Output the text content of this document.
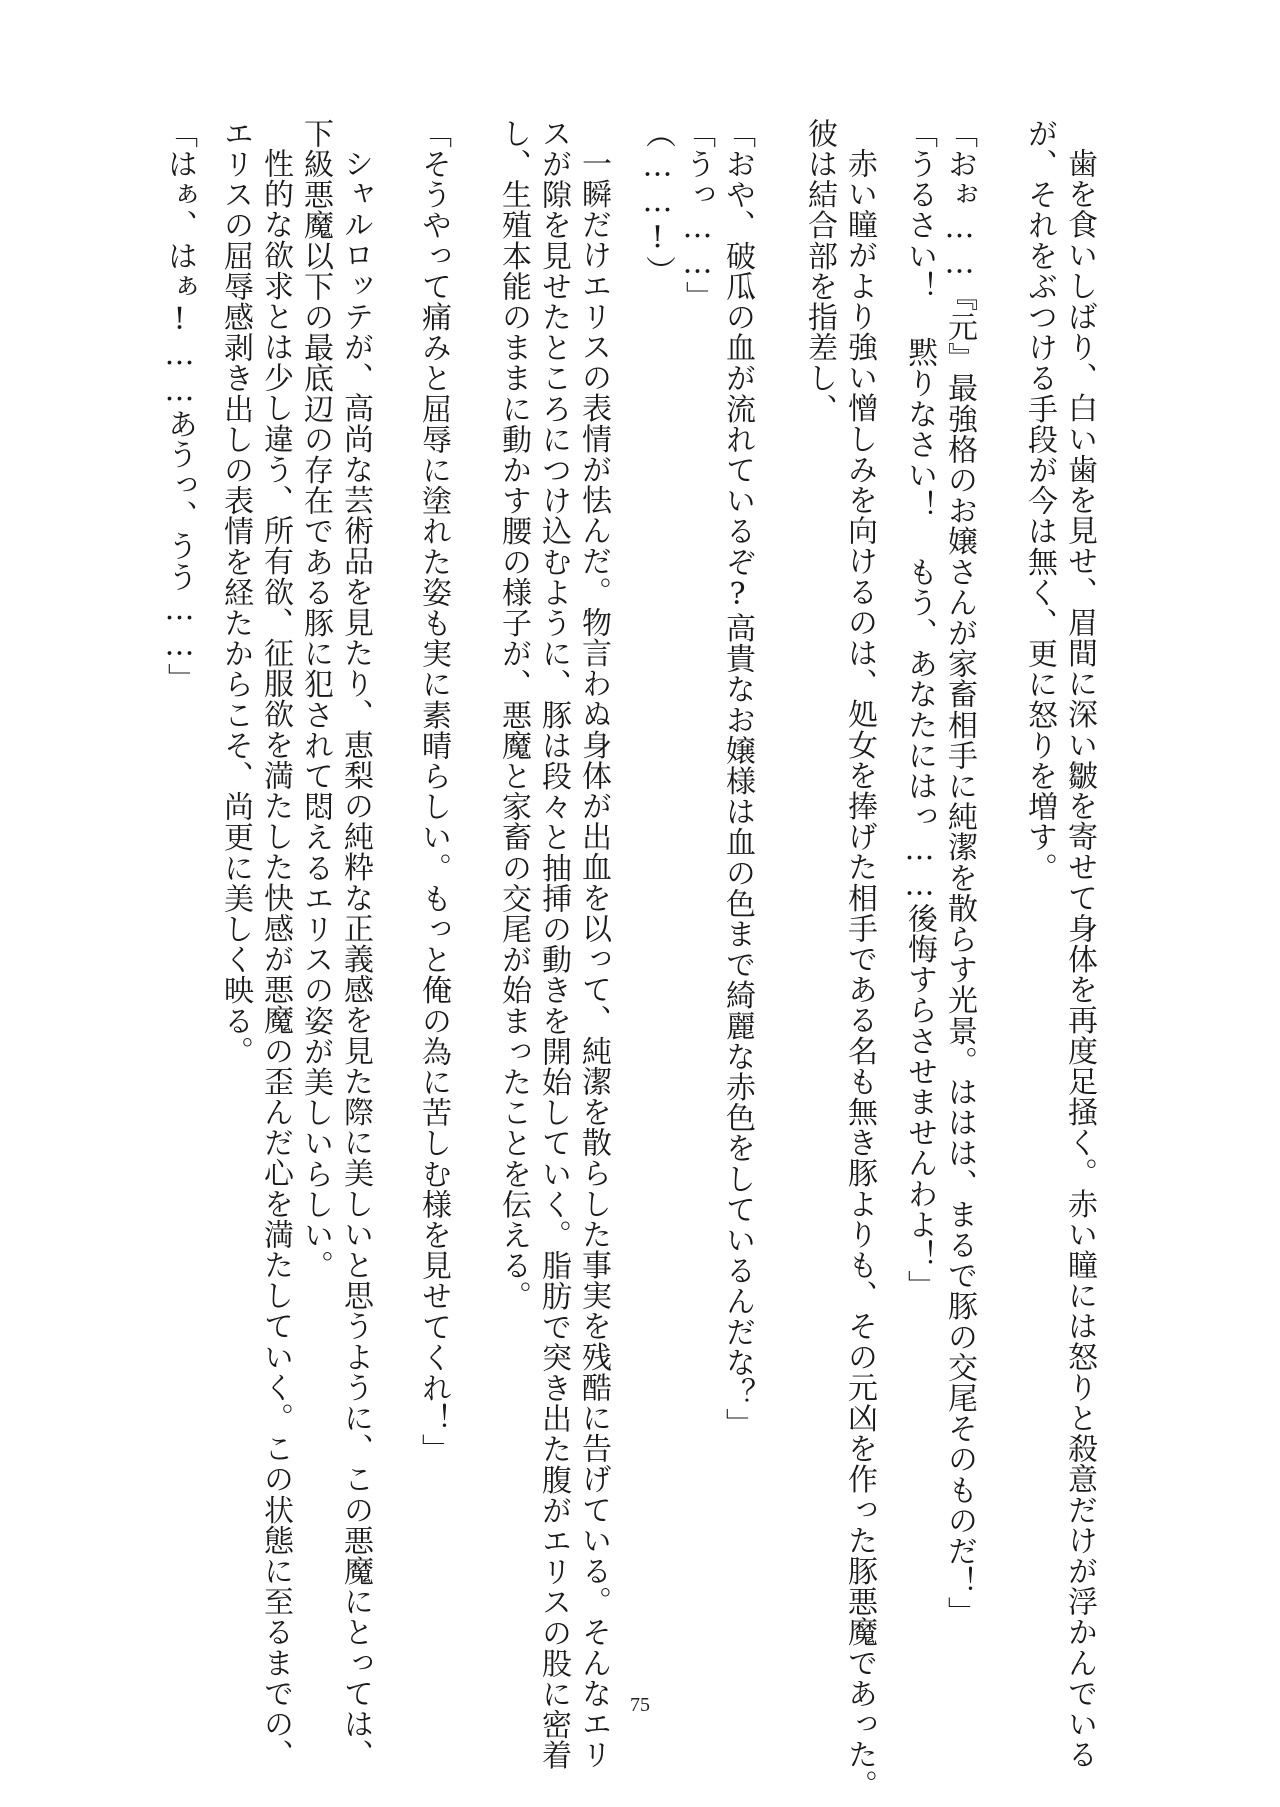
歯を食いしばり、白い歯を見せ、眉間に深い皺を寄せて身体を再度足掻く。赤い瞳には怒りと殺意だけが浮かんでいる
が、それをぶつける手段が今は無く、更に怒りを増す。
「おぉ……『元』最強格のお嬢さんが家畜相手に純潔を散らす光景。ははは、まるで豚の交尾そのものだ！」
「うるさい！ 黙りなさい！ もう、あなたにはっ……後悔すらさせませんわよ！」
赤い瞳がより強い憎しみを向けるのは、処女を捧げた相手である名も無き豚よりも、その元凶を作った豚悪魔であった。
彼は結合部を指差し、
「おや、破瓜の血が流れているぞ?高貴なお嬢様は血の色まで綺麗な赤色をしているんだな？」
「うっ……」
（……!）
一瞬だけエリスの表情が怯んだ。物言わぬ身体が出血を以って、純潔を散らした事実を残酷に告げている。そんなエリ
スが隙を見せたところにつけ込むように、豚は段々と抽挿の動きを開始していく。脂肪で突き出た腹がエリスの股に密着
し、生殖本能のままに動かす腰の様子が、悪魔と家畜の交尾が始まったことを伝える。
「そうやって痛みと屈辱に塗れた姿も実に素晴らしい。もっと俺の為に苦しむ様を見せてくれ！」
シャルロッテが、高尚な芸術品を見たり、恵梨の純粋な正義感を見た際に美しいと思うように、この悪魔にとっては、
下級悪魔以下の最底辺の存在である豚に犯されて悶えるエリスの姿が美しいらしい。
性的な欲求とは少し違う、所有欲、征服欲を満たした快感が悪魔の歪んだ心を満たしていく。この状態に至るまでの、
エリスの屈辱感剥き出しの表情を経たからこそ、尚更に美しく映る。
「はぁ、はぁ!……あうっ、うう……」
75
